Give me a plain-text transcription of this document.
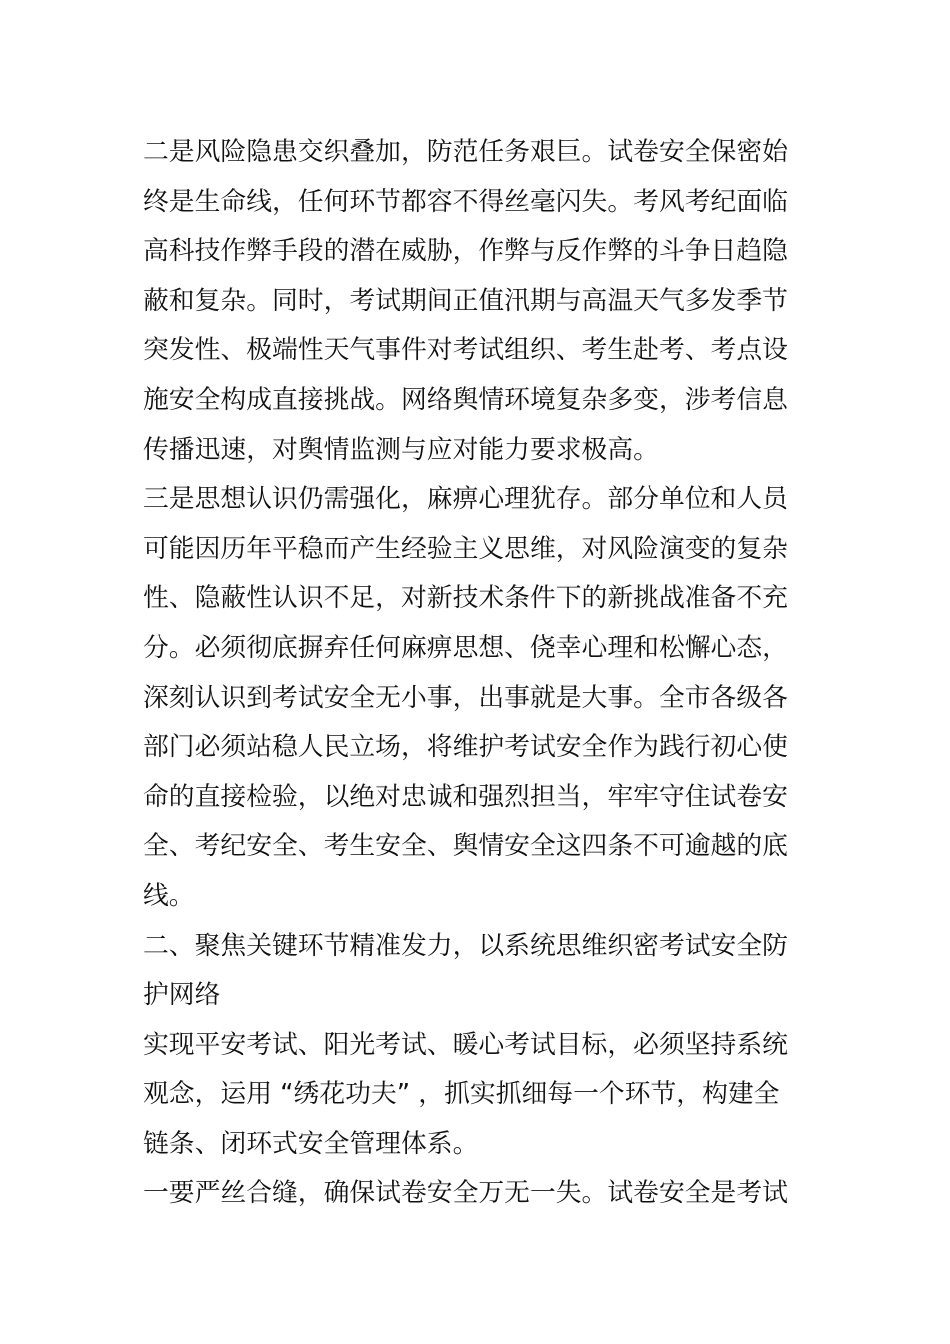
二是风险隐患交织叠加，防范任务艰巨。试卷安全保密始
终是生命线，任何环节都容不得丝毫闪失。考风考纪面临
高科技作弊手段的潜在威胁，作弊与反作弊的斗争日趋隐
蔽和复杂。同时，考试期间正值汛期与高温天气多发季节
突发性、极端性天气事件对考试组织、考生赴考、考点设
施安全构成直接挑战。网络舆情环境复杂多变，涉考信息
传播迅速，对舆情监测与应对能力要求极高。
三是思想认识仍需强化，麻痹心理犹存。部分单位和人员
可能因历年平稳而产生经验主义思维，对风险演变的复杂
性、隐蔽性认识不足，对新技术条件下的新挑战准备不充
分。必须彻底摒弃任何麻痹思想、侥幸心理和松懈心态，
深刻认识到考试安全无小事，出事就是大事。全市各级各
部门必须站稳人民立场，将维护考试安全作为践行初心使
命的直接检验，以绝对忠诚和强烈担当，牢牢守住试卷安
全、考纪安全、考生安全、舆情安全这四条不可逾越的底
线。
二、聚焦关键环节精准发力，以系统思维织密考试安全防
护网络
实现平安考试、阳光考试、暖心考试目标，必须坚持系统
观念，运用 “绣花功夫” ，抓实抓细每一个环节，构建全
链条、闭环式安全管理体系。
一要严丝合缝，确保试卷安全万无一失。试卷安全是考试
